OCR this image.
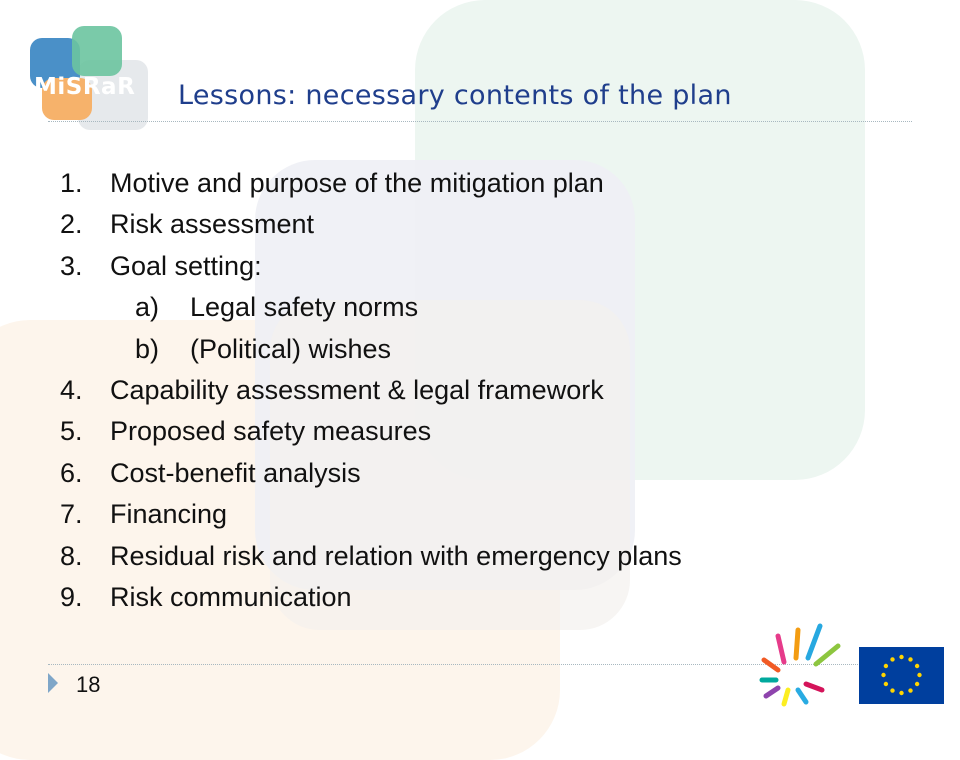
MiSRaR Lessons: necessary contents of the plan
1. Motive and purpose of the mitigation plan
2. Risk assessment
3. Goal setting:
a) Legal safety norms
b) (Political) wishes
4. Capability assessment & legal framework
5. Proposed safety measures
6. Cost-benefit analysis
7. Financing
8. Residual risk and relation with emergency plans
9. Risk communication
18
